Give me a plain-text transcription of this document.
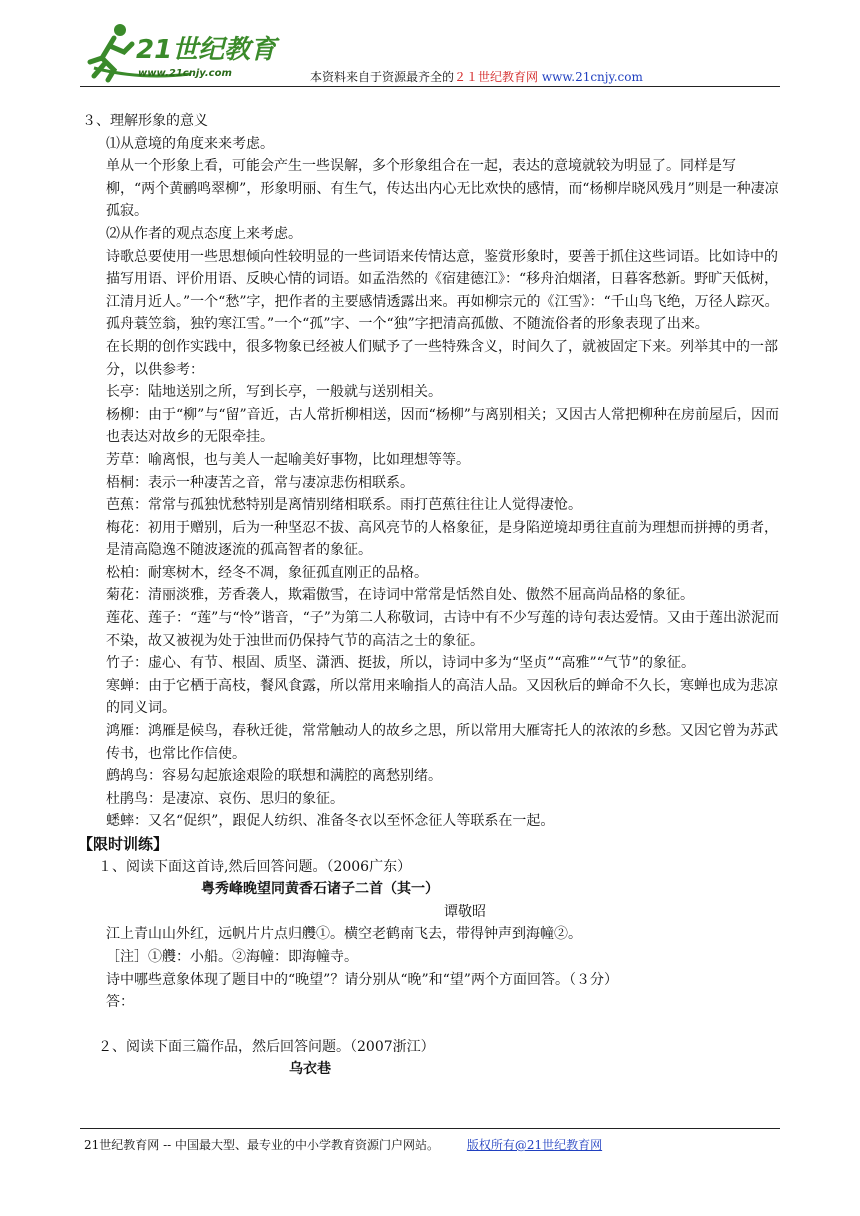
21世纪教育
www.21cnjy.com	本资料来自于资源最齐全的２１世纪教育网 www.21cnjy.com

３、理解形象的意义

⑴从意境的角度来来考虑。

单从一个形象上看，可能会产生一些误解，多个形象组合在一起，表达的意境就较为明显了。同样是写柳，“两个黄鹂鸣翠柳”，形象明丽、有生气，传达出内心无比欢快的感情，而“杨柳岸晓风残月”则是一种凄凉孤寂。

⑵从作者的观点态度上来考虑。

诗歌总要使用一些思想倾向性较明显的一些词语来传情达意，鉴赏形象时，要善于抓住这些词语。比如诗中的描写用语、评价用语、反映心情的词语。如孟浩然的《宿建德江》：“移舟泊烟渚，日暮客愁新。野旷天低树，江清月近人。”一个“愁”字，把作者的主要感情透露出来。再如柳宗元的《江雪》：“千山鸟飞绝，万径人踪灭。孤舟蓑笠翁，独钓寒江雪。”一个“孤”字、一个“独”字把清高孤傲、不随流俗者的形象表现了出来。

在长期的创作实践中，很多物象已经被人们赋予了一些特殊含义，时间久了，就被固定下来。列举其中的一部分，以供参考：

长亭：陆地送别之所，写到长亭，一般就与送别相关。

杨柳：由于“柳”与“留”音近，古人常折柳相送，因而“杨柳”与离别相关；又因古人常把柳种在房前屋后，因而也表达对故乡的无限牵挂。

芳草：喻离恨，也与美人一起喻美好事物，比如理想等等。

梧桐：表示一种凄苦之音，常与凄凉悲伤相联系。

芭蕉：常常与孤独忧愁特别是离情别绪相联系。雨打芭蕉往往让人觉得凄怆。

梅花：初用于赠别，后为一种坚忍不拔、高风亮节的人格象征，是身陷逆境却勇往直前为理想而拼搏的勇者，是清高隐逸不随波逐流的孤高智者的象征。

松柏：耐寒树木，经冬不凋，象征孤直刚正的品格。

菊花：清丽淡雅，芳香袭人，欺霜傲雪，在诗词中常常是恬然自处、傲然不屈高尚品格的象征。

莲花、莲子：“莲”与“怜”谐音，“子”为第二人称敬词，古诗中有不少写莲的诗句表达爱情。又由于莲出淤泥而不染，故又被视为处于浊世而仍保持气节的高洁之士的象征。

竹子：虚心、有节、根固、质坚、潇洒、挺拔，所以，诗词中多为“坚贞”“高雅”“气节”的象征。

寒蝉：由于它栖于高枝，餐风食露，所以常用来喻指人的高洁人品。又因秋后的蝉命不久长，寒蝉也成为悲凉的同义词。

鸿雁：鸿雁是候鸟，春秋迁徙，常常触动人的故乡之思，所以常用大雁寄托人的浓浓的乡愁。又因它曾为苏武传书，也常比作信使。

鹧鸪鸟：容易勾起旅途艰险的联想和满腔的离愁别绪。

杜鹃鸟：是凄凉、哀伤、思归的象征。

蟋蟀：又名“促织”，跟促人纺织、准备冬衣以至怀念征人等联系在一起。

【限时训练】

１、阅读下面这首诗,然后回答问题。（2006广东）

粤秀峰晚望同黄香石诸子二首（其一）

谭敬昭

江上青山山外红，远帆片片点归艭①。横空老鹤南飞去，带得钟声到海幢②。

［注］①艭：小船。②海幢：即海幢寺。

诗中哪些意象体现了题目中的“晚望”？请分别从“晚”和“望”两个方面回答。（３分）

答：

２、阅读下面三篇作品，然后回答问题。（2007浙江）

乌衣巷

21世纪教育网 -- 中国最大型、最专业的中小学教育资源门户网站。 版权所有@21世纪教育网
